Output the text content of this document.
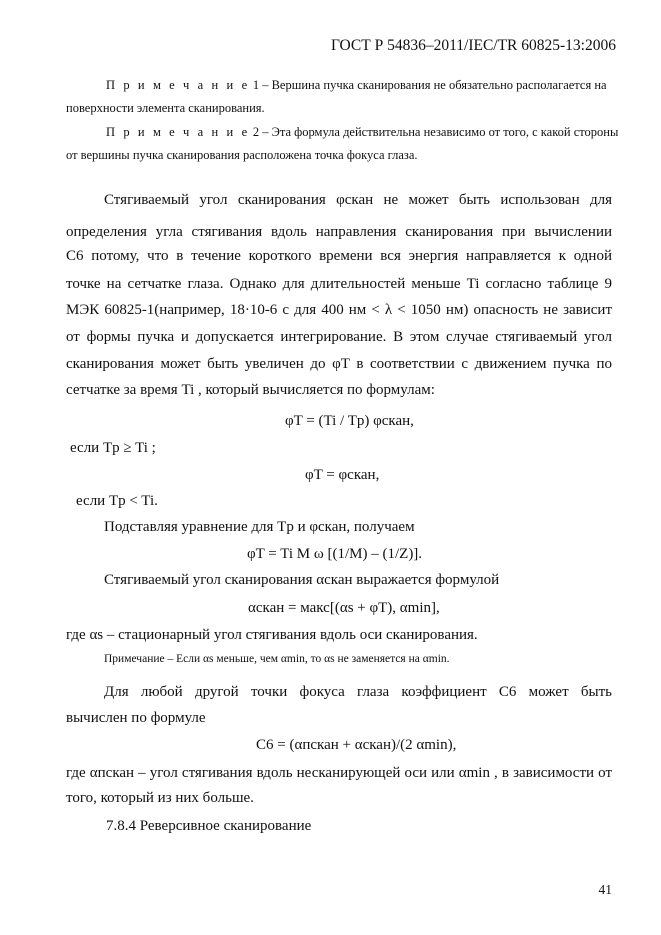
ГОСТ Р 54836–2011/IEC/TR 60825-13:2006
П р и м е ч а н и е 1 – Вершина пучка сканирования не обязательно располагается на
поверхности элемента сканирования.
П р и м е ч а н и е 2 – Эта формула действительна независимо от того, с какой стороны
от вершины пучка сканирования расположена точка фокуса глаза.
Стягиваемый угол сканирования φскан не может быть использован для
определения угла стягивания вдоль направления сканирования при вычислении
C6 потому, что в течение короткого времени вся энергия направляется к одной
точке на сетчатке глаза. Однако для длительностей меньше Ti согласно таблице 9
МЭК 60825-1(например, 18·10-6 с для 400 нм < λ < 1050 нм) опасность не зависит
от формы пучка и допускается интегрирование. В этом случае стягиваемый угол
сканирования может быть увеличен до φT в соответствии с движением пучка по
сетчатке за время Ti , который вычисляется по формулам:
φT = (Ti / Tp) φскан,
если Tp ≥ Ti ;
φT = φскан,
если Tp < Ti.
Подставляя уравнение для Tp и φскан, получаем
φT = Ti M ω [(1/M) – (1/Z)].
Стягиваемый угол сканирования αскан выражается формулой
αскан = макс[(αs + φT), αmin],
где αs – стационарный угол стягивания вдоль оси сканирования.
Примечание – Если αs меньше, чем αmin, то αs не заменяется на αmin.
Для любой другой точки фокуса глаза коэффициент C6 может быть
вычислен по формуле
C6 = (αпскан + αскан)/(2 αmin),
где αпскан – угол стягивания вдоль несканирующей оси или αmin , в зависимости от
того, который из них больше.
7.8.4 Реверсивное сканирование
41
